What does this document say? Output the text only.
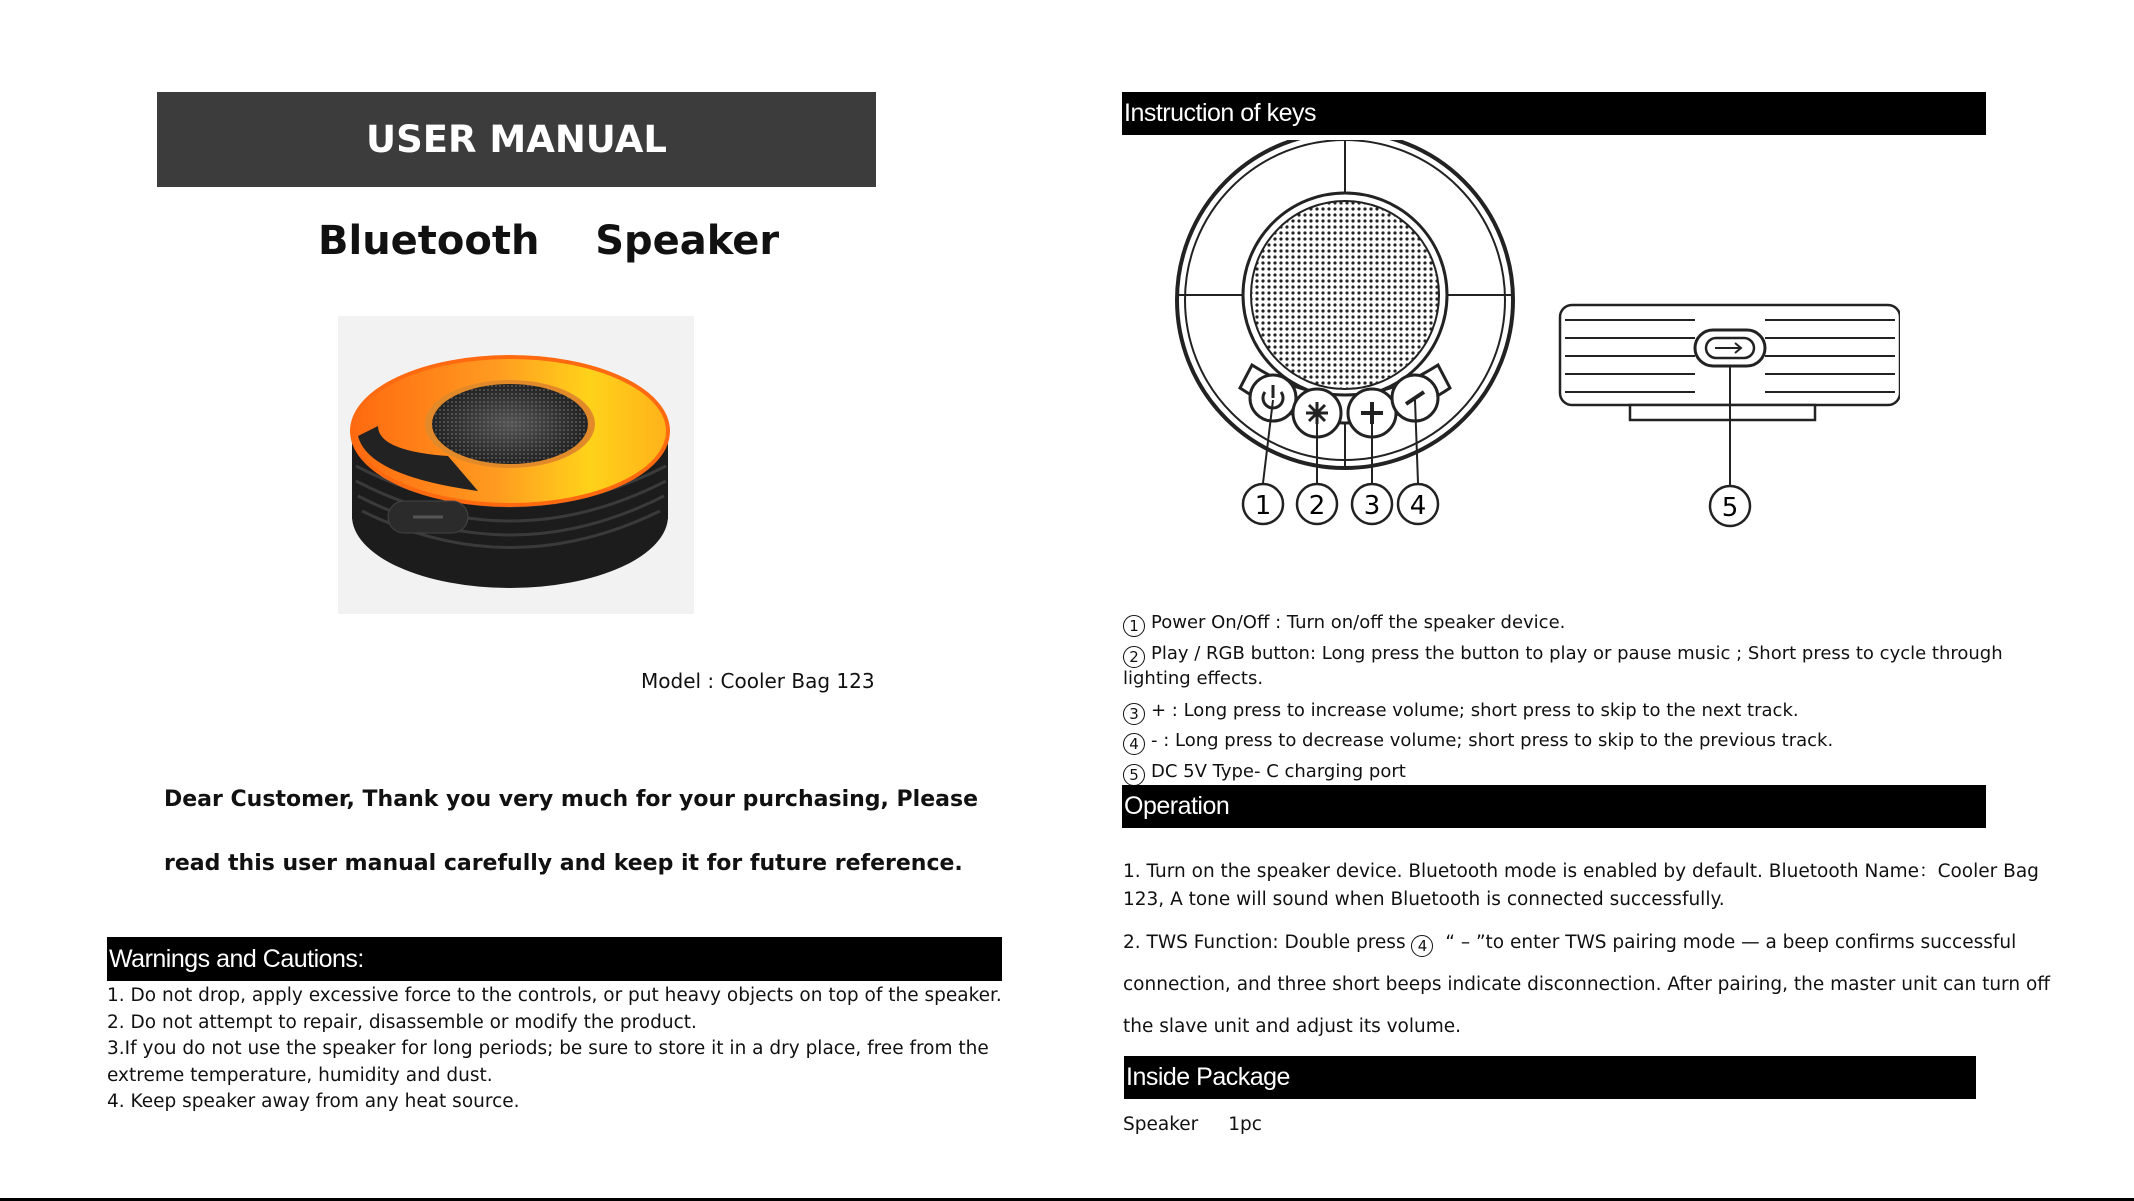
USER MANUAL
Bluetooth    Speaker
Model : Cooler Bag 123
Dear Customer, Thank you very much for your purchasing, Please
read this user manual carefully and keep it for future reference.
Warnings and Cautions:
1. Do not drop, apply excessive force to the controls, or put heavy objects on top of the speaker.
2. Do not attempt to repair, disassemble or modify the product.
3.If you do not use the speaker for long periods; be sure to store it in a dry place, free from the
extreme temperature, humidity and dust.
4. Keep speaker away from any heat source.
Instruction of keys
1 2 3 4	5
1 Power On/Off : Turn on/off the speaker device.
2 Play / RGB button: Long press the button to play or pause music ; Short press to cycle through
lighting effects.
3 + : Long press to increase volume; short press to skip to the next track.
4 - : Long press to decrease volume; short press to skip to the previous track.
5 DC 5V Type- C charging port
Operation
1. Turn on the speaker device. Bluetooth mode is enabled by default. Bluetooth Name：Cooler Bag
123, A tone will sound when Bluetooth is connected successfully.
2. TWS Function: Double press 4 “ – ”to enter TWS pairing mode — a beep confirms successful
connection, and three short beeps indicate disconnection. After pairing, the master unit can turn off
the slave unit and adjust its volume.
Inside Package
Speaker 1pc
